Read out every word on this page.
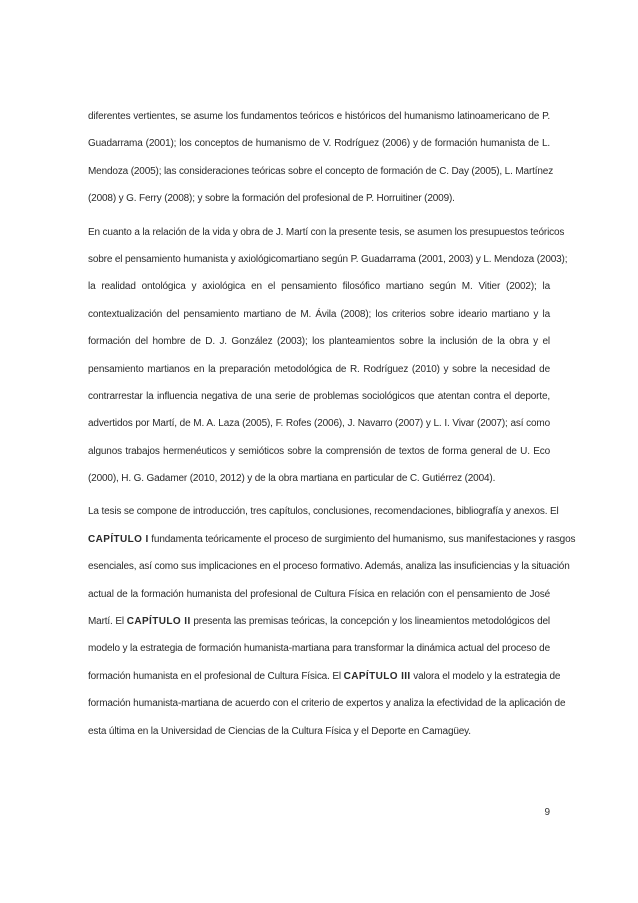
diferentes vertientes, se asume los fundamentos teóricos e históricos del humanismo latinoamericano de P.
Guadarrama (2001); los conceptos de humanismo de V. Rodríguez (2006) y de formación humanista de L.
Mendoza (2005); las consideraciones teóricas sobre el concepto de formación de C. Day (2005), L. Martínez
(2008) y G. Ferry (2008); y sobre la formación del profesional de P. Horruitiner (2009).
En cuanto a la relación de la vida y obra de J. Martí con la presente tesis, se asumen los presupuestos teóricos
sobre el pensamiento humanista y axiológicomartiano según P. Guadarrama (2001, 2003) y L. Mendoza (2003);
la realidad ontológica y axiológica en el pensamiento filosófico martiano según M. Vitier (2002); la
contextualización del pensamiento martiano de M. Ávila (2008); los criterios sobre ideario martiano y la
formación del hombre de D. J. González (2003); los planteamientos sobre la inclusión de la obra y el
pensamiento martianos en la preparación metodológica de R. Rodríguez (2010) y sobre la necesidad de
contrarrestar la influencia negativa de una serie de problemas sociológicos que atentan contra el deporte,
advertidos por Martí, de M. A. Laza (2005), F. Rofes (2006), J. Navarro (2007) y L. I. Vivar (2007); así como
algunos trabajos hermenéuticos y semióticos sobre la comprensión de textos de forma general de U. Eco
(2000), H. G. Gadamer (2010, 2012) y de la obra martiana en particular de C. Gutiérrez (2004).
La tesis se compone de introducción, tres capítulos, conclusiones, recomendaciones, bibliografía y anexos. El
CAPÍTULO I fundamenta teóricamente el proceso de surgimiento del humanismo, sus manifestaciones y rasgos
esenciales, así como sus implicaciones en el proceso formativo. Además, analiza las insuficiencias y la situación
actual de la formación humanista del profesional de Cultura Física en relación con el pensamiento de José
Martí. El CAPÍTULO II presenta las premisas teóricas, la concepción y los lineamientos metodológicos del
modelo y la estrategia de formación humanista-martiana para transformar la dinámica actual del proceso de
formación humanista en el profesional de Cultura Física. El CAPÍTULO III valora el modelo y la estrategia de
formación humanista-martiana de acuerdo con el criterio de expertos y analiza la efectividad de la aplicación de
esta última en la Universidad de Ciencias de la Cultura Física y el Deporte en Camagüey.
9
